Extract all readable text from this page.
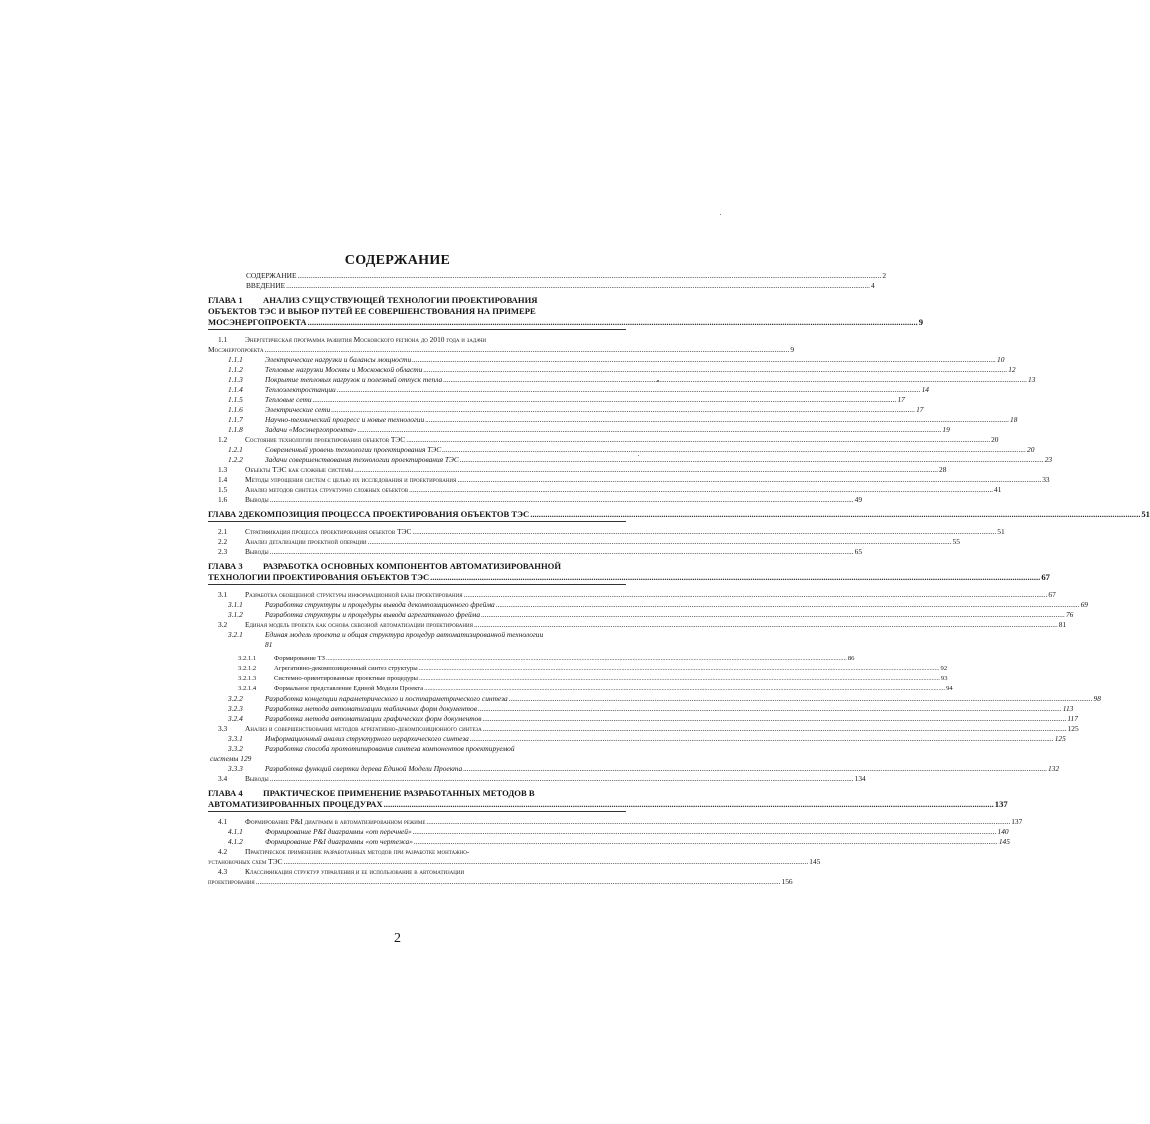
СОДЕРЖАНИЕ
СОДЕРЖАНИЕ .....	2
ВВЕДЕНИЕ .....	4
ГЛАВА 1 АНАЛИЗ СУЩУСТВУЮЩЕЙ ТЕХНОЛОГИИ ПРОЕКТИРОВАНИЯ
ОБЪЕКТОВ ТЭС И ВЫБОР ПУТЕЙ ЕЕ СОВЕРШЕНСТВОВАНИЯ НА ПРИМЕРЕ
МОСЭНЕРГОПРОЕКТА .....	9
1.1 Энергетическая программа развития Московского региона до 2010 года и задачи
Мосэнергопроекта .....	9
1.1.1	Электрические нагрузки и балансы мощности .....	10
1.1.2	Тепловые нагрузки Москвы и Московской области .....	12
1.1.3	Покрытие тепловых нагрузок и полезный отпуск тепла .....	13
1.1.4	Теплоэлектростанции .....	14
1.1.5	Тепловые сети .....	17
1.1.6	Электрические сети .....	17
1.1.7	Научно-технический прогресс и новые технологии .....	18
1.1.8	Задачи «Мосэнергопроекта» .....	19
1.2	Состояние технологии проектирования объектов ТЭС .....	20
1.2.1	Современный уровень технологии проектирования ТЭС .....	20
1.2.2	Задачи совершенствования технологии проектирования ТЭС .....	23
1.3	Объекты ТЭС как сложные системы .....	28
1.4	Методы упрощения систем с целью их исследования и проектирования .....	33
1.5	Анализ методов синтеза структурно сложных объектов .....	41
1.6	Выводы .....	49
ГЛАВА 2 ДЕКОМПОЗИЦИЯ ПРОЦЕССА ПРОЕКТИРОВАНИЯ ОБЪЕКТОВ ТЭС .....	51
2.1	Стратификация процесса проектирования объектов ТЭС .....	51
2.2	Анализ детализации проектной операции .....	55
2.3	Выводы .....	65
ГЛАВА 3 РАЗРАБОТКА ОСНОВНЫХ КОМПОНЕНТОВ АВТОМАТИЗИРОВАННОЙ
ТЕХНОЛОГИИ ПРОЕКТИРОВАНИЯ ОБЪЕКТОВ ТЭС .....	67
3.1	Разработка обобщенной структуры информационной базы проектирования .....	67
3.1.1	Разработка структуры и процедуры вывода декомпозиционного фрейма .....	69
3.1.2	Разработка структуры и процедуры вывода агрегативного фрейма .....	76
3.2	Единая модель проекта как основа сквозной автоматизации проектирования .....	81
3.2.1	Единая модель проекта и общая структура процедур автоматизированной технологии
81
3.2.1.1	Формирование ТЗ .....	86
3.2.1.2	Агрегативно-декомпозиционный синтез структуры .....	92
3.2.1.3	Системно-ориентированные проектные процедуры .....	93
3.2.1.4	Формальное представление Единой Модели Проекта .....	94
3.2.2	Разработка концепции параметрического и постпараметрического синтеза .....	98
3.2.3	Разработка метода автоматизации табличных форм документов .....	113
3.2.4	Разработка метода автоматизации графических форм документов .....	117
3.3	Анализ и совершенствование методов агрегативно-декомпозиционного синтеза .....	125
3.3.1	Информационный анализ структурного иерархического синтеза .....	125
3.3.2	Разработка способа прототипирования синтеза компонентов проектируемой
системы 129
3.3.3	Разработка функций свертки дерева Единой Модели Проекта .....	132
3.4	Выводы .....	134
ГЛАВА 4 ПРАКТИЧЕСКОЕ ПРИМЕНЕНИЕ РАЗРАБОТАННЫХ МЕТОДОВ В
АВТОМАТИЗИРОВАННЫХ ПРОЦЕДУРАХ .....	137
4.1	Формирование P&I диаграмм в автоматизированном режиме .....	137
4.1.1	Формирование P&I диаграммы «от перечней» .....	140
4.1.2	Формирование P&I диаграммы «от чертежа» .....	145
4.2 Практическое применение разработанных методов при разработке монтажно-
установочных схем ТЭС .....	145
4.3 Классификация структур управления и ее использование в автоматизации
проектирования .....	156
2
